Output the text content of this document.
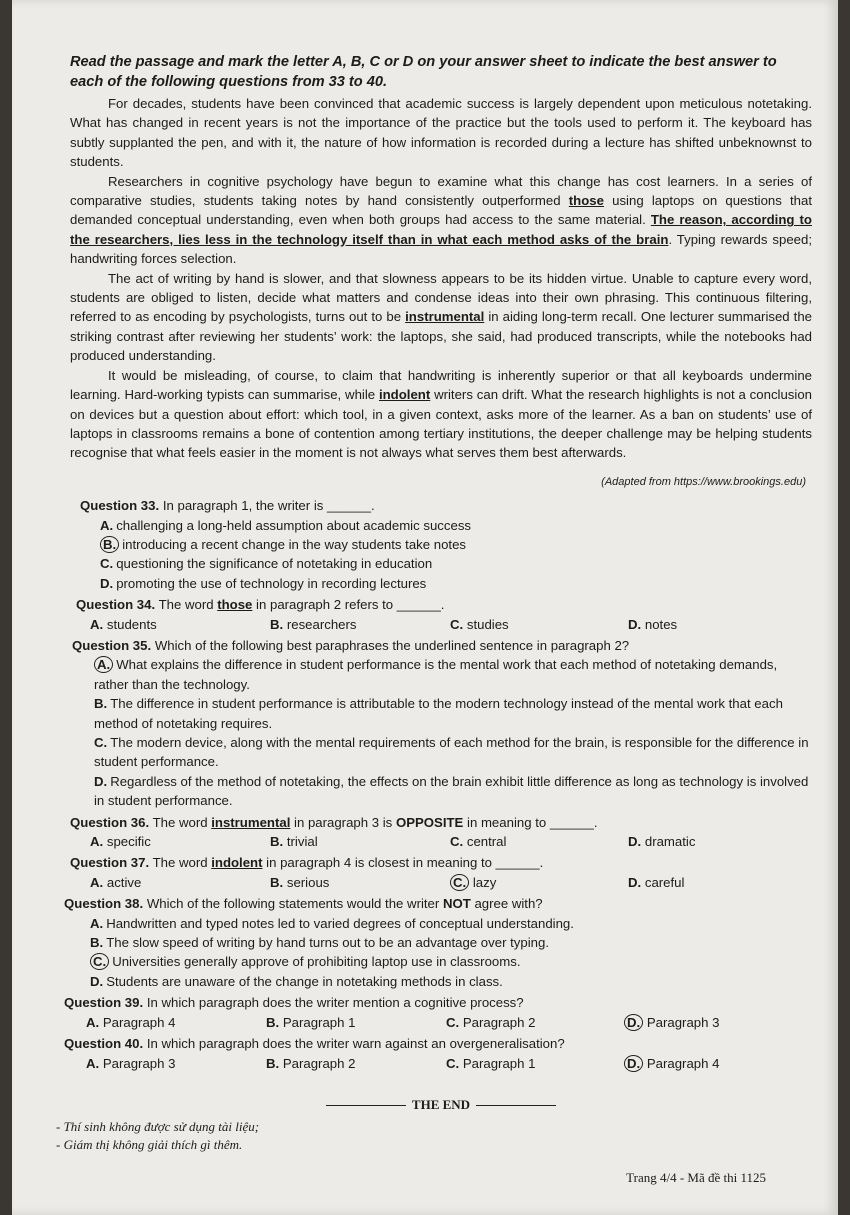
Read the passage and mark the letter A, B, C or D on your answer sheet to indicate the best answer to each of the following questions from 33 to 40.

For decades, students have been convinced that academic success is largely dependent upon meticulous notetaking. What has changed in recent years is not the importance of the practice but the tools used to perform it. The keyboard has subtly supplanted the pen, and with it, the nature of how information is recorded during a lecture has shifted unbeknownst to students.

Researchers in cognitive psychology have begun to examine what this change has cost learners. In a series of comparative studies, students taking notes by hand consistently outperformed those using laptops on questions that demanded conceptual understanding, even when both groups had access to the same material. The reason, according to the researchers, lies less in the technology itself than in what each method asks of the brain. Typing rewards speed; handwriting forces selection.

The act of writing by hand is slower, and that slowness appears to be its hidden virtue. Unable to capture every word, students are obliged to listen, decide what matters and condense ideas into their own phrasing. This continuous filtering, referred to as encoding by psychologists, turns out to be instrumental in aiding long-term recall. One lecturer summarised the striking contrast after reviewing her students’ work: the laptops, she said, had produced transcripts, while the notebooks had produced understanding.

It would be misleading, of course, to claim that handwriting is inherently superior or that all keyboards undermine learning. Hard-working typists can summarise, while indolent writers can drift. What the research highlights is not a conclusion on devices but a question about effort: which tool, in a given context, asks more of the learner. As a ban on students’ use of laptops in classrooms remains a bone of contention among tertiary institutions, the deeper challenge may be helping students recognise that what feels easier in the moment is not always what serves them best afterwards.

(Adapted from https://www.brookings.edu)

Question 33. In paragraph 1, the writer is ______.

A. challenging a long-held assumption about academic success

B. introducing a recent change in the way students take notes

C. questioning the significance of notetaking in education

D. promoting the use of technology in recording lectures

Question 34. The word those in paragraph 2 refers to ______.

A. students	B. researchers	C. studies	D. notes

Question 35. Which of the following best paraphrases the underlined sentence in paragraph 2?

A. What explains the difference in student performance is the mental work that each method of notetaking demands, rather than the technology.

B. The difference in student performance is attributable to the modern technology instead of the mental work that each method of notetaking requires.

C. The modern device, along with the mental requirements of each method for the brain, is responsible for the difference in student performance.

D. Regardless of the method of notetaking, the effects on the brain exhibit little difference as long as technology is involved in student performance.

Question 36. The word instrumental in paragraph 3 is OPPOSITE in meaning to ______.

A. specific	B. trivial	C. central	D. dramatic

Question 37. The word indolent in paragraph 4 is closest in meaning to ______.

A. active	B. serious	C. lazy	D. careful

Question 38. Which of the following statements would the writer NOT agree with?

A. Handwritten and typed notes led to varied degrees of conceptual understanding.

B. The slow speed of writing by hand turns out to be an advantage over typing.

C. Universities generally approve of prohibiting laptop use in classrooms.

D. Students are unaware of the change in notetaking methods in class.

Question 39. In which paragraph does the writer mention a cognitive process?

A. Paragraph 4	B. Paragraph 1	C. Paragraph 2	D. Paragraph 3

Question 40. In which paragraph does the writer warn against an overgeneralisation?

A. Paragraph 3	B. Paragraph 2	C. Paragraph 1	D. Paragraph 4
THE END
- Thí sinh không được sử dụng tài liệu;
- Giám thị không giải thích gì thêm.
Trang 4/4 - Mã đề thi 1125
